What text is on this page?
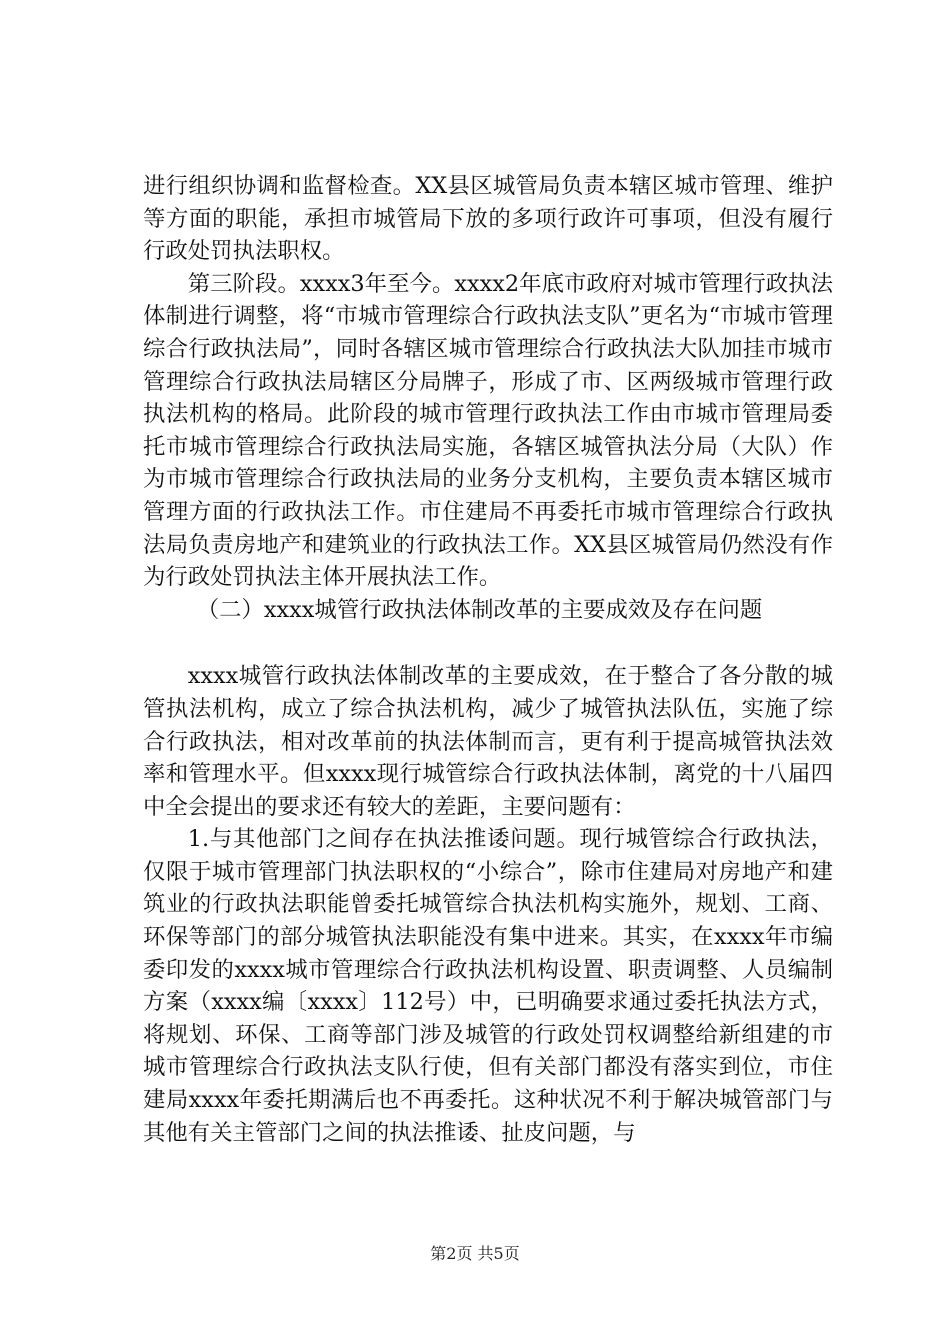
进行组织协调和监督检查。XX县区城管局负责本辖区城市管理、维护等方面的职能，承担市城管局下放的多项行政许可事项，但没有履行行政处罚执法职权。

第三阶段。xxxx3年至今。xxxx2年底市政府对城市管理行政执法体制进行调整，将“市城市管理综合行政执法支队”更名为“市城市管理综合行政执法局”，同时各辖区城市管理综合行政执法大队加挂市城市管理综合行政执法局辖区分局牌子，形成了市、区两级城市管理行政执法机构的格局。此阶段的城市管理行政执法工作由市城市管理局委托市城市管理综合行政执法局实施，各辖区城管执法分局（大队）作为市城市管理综合行政执法局的业务分支机构，主要负责本辖区城市管理方面的行政执法工作。市住建局不再委托市城市管理综合行政执法局负责房地产和建筑业的行政执法工作。XX县区城管局仍然没有作为行政处罚执法主体开展执法工作。

（二）xxxx城管行政执法体制改革的主要成效及存在问题

xxxx城管行政执法体制改革的主要成效，在于整合了各分散的城管执法机构，成立了综合执法机构，减少了城管执法队伍，实施了综合行政执法，相对改革前的执法体制而言，更有利于提高城管执法效率和管理水平。但xxxx现行城管综合行政执法体制，离党的十八届四中全会提出的要求还有较大的差距，主要问题有：

1.与其他部门之间存在执法推诿问题。现行城管综合行政执法，仅限于城市管理部门执法职权的“小综合”，除市住建局对房地产和建筑业的行政执法职能曾委托城管综合执法机构实施外，规划、工商、环保等部门的部分城管执法职能没有集中进来。其实，在xxxx年市编委印发的xxxx城市管理综合行政执法机构设置、职责调整、人员编制方案（xxxx编〔xxxx〕112号）中，已明确要求通过委托执法方式，将规划、环保、工商等部门涉及城管的行政处罚权调整给新组建的市城市管理综合行政执法支队行使，但有关部门都没有落实到位，市住建局xxxx年委托期满后也不再委托。这种状况不利于解决城管部门与其他有关主管部门之间的执法推诿、扯皮问题，与

第2页 共5页
